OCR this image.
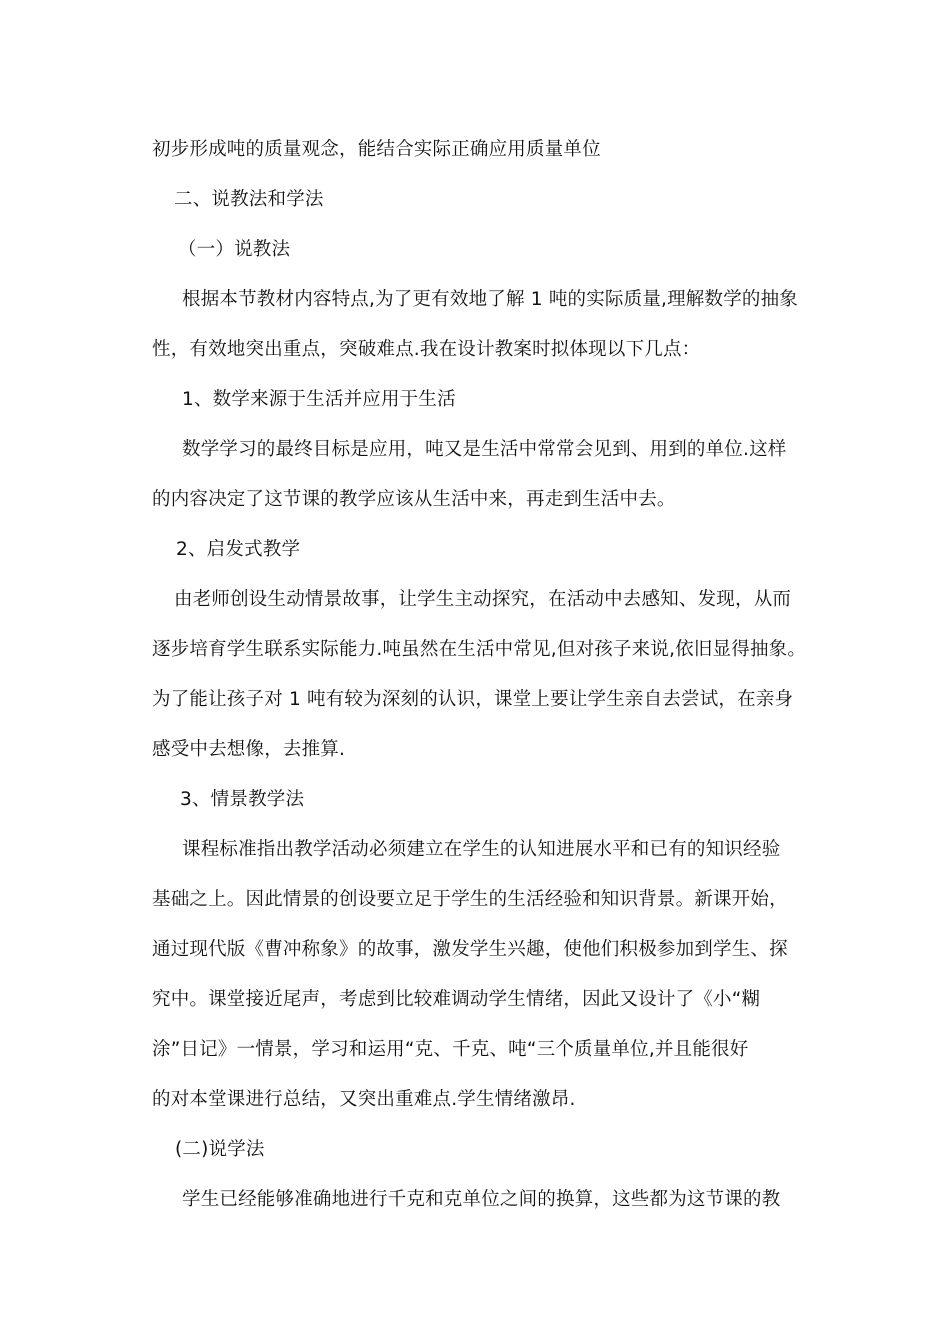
初步形成吨的质量观念，能结合实际正确应用质量单位
二、说教法和学法
（一）说教法
根据本节教材内容特点,为了更有效地了解 1 吨的实际质量,理解数学的抽象
性，有效地突出重点，突破难点.我在设计教案时拟体现以下几点：
1、数学来源于生活并应用于生活
数学学习的最终目标是应用，吨又是生活中常常会见到、用到的单位.这样
的内容决定了这节课的教学应该从生活中来，再走到生活中去。
2、启发式教学
由老师创设生动情景故事，让学生主动探究，在活动中去感知、发现，从而
逐步培育学生联系实际能力.吨虽然在生活中常见,但对孩子来说,依旧显得抽象。
为了能让孩子对 1 吨有较为深刻的认识，课堂上要让学生亲自去尝试，在亲身
感受中去想像，去推算.
3、情景教学法
课程标准指出教学活动必须建立在学生的认知进展水平和已有的知识经验
基础之上。因此情景的创设要立足于学生的生活经验和知识背景。新课开始，
通过现代版《曹冲称象》的故事，激发学生兴趣，使他们积极参加到学生、探
究中。课堂接近尾声，考虑到比较难调动学生情绪，因此又设计了《小“糊
涂”日记》一情景，学习和运用“克、千克、吨“三个质量单位,并且能很好
的对本堂课进行总结，又突出重难点.学生情绪激昂.
(二)说学法
学生已经能够准确地进行千克和克单位之间的换算，这些都为这节课的教
